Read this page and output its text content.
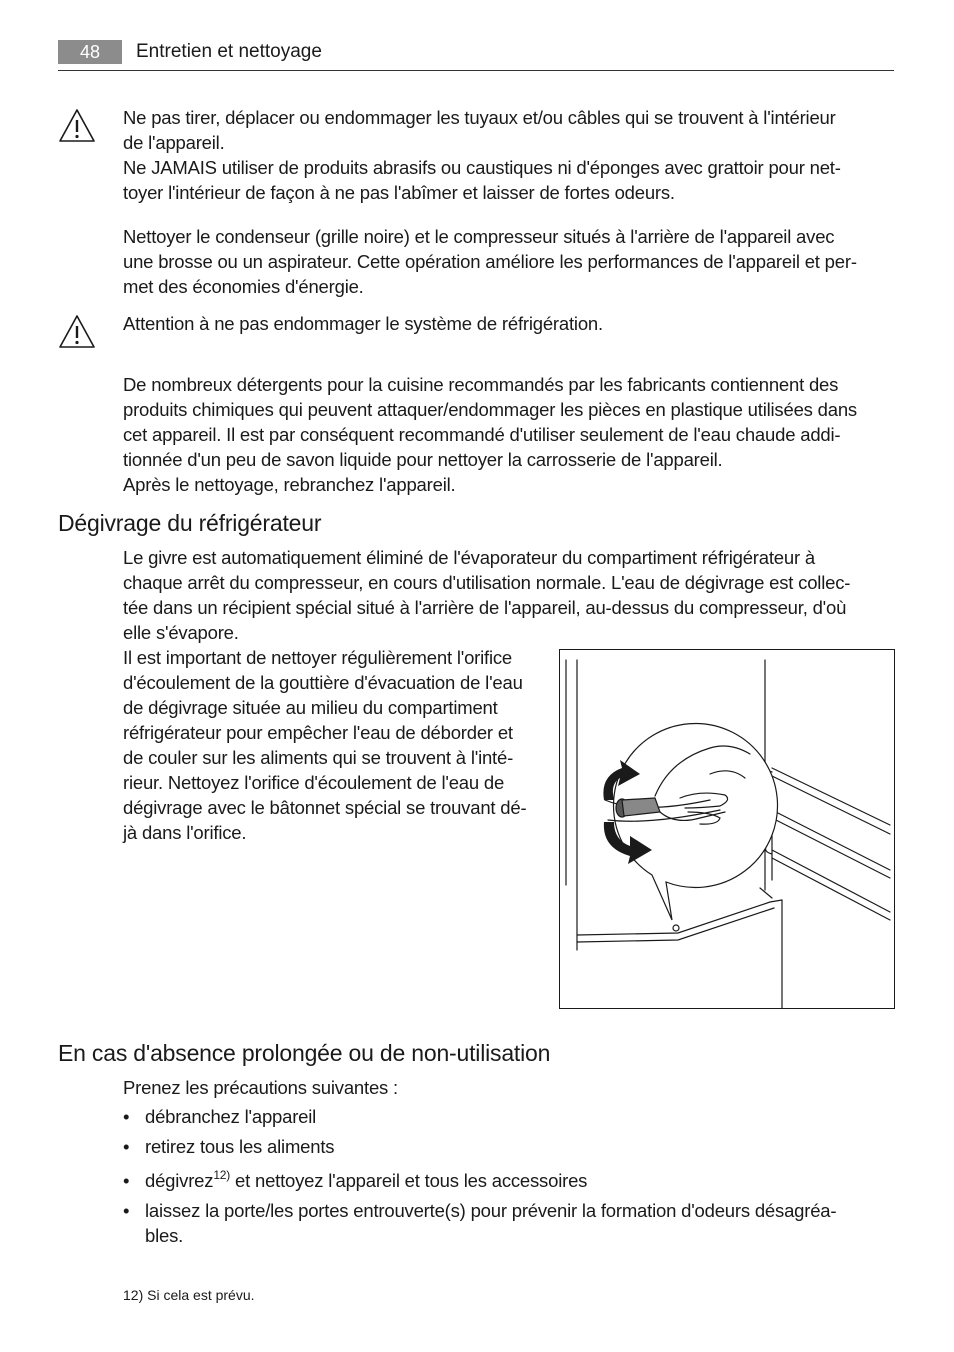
48	Entretien et nettoyage
Ne pas tirer, déplacer ou endommager les tuyaux et/ou câbles qui se trouvent à l'intérieur
de l'appareil.
Ne JAMAIS utiliser de produits abrasifs ou caustiques ni d'éponges avec grattoir pour net-
toyer l'intérieur de façon à ne pas l'abîmer et laisser de fortes odeurs.
Nettoyer le condenseur (grille noire) et le compresseur situés à l'arrière de l'appareil avec
une brosse ou un aspirateur. Cette opération améliore les performances de l'appareil et per-
met des économies d'énergie.
Attention à ne pas endommager le système de réfrigération.
De nombreux détergents pour la cuisine recommandés par les fabricants contiennent des
produits chimiques qui peuvent attaquer/endommager les pièces en plastique utilisées dans
cet appareil. Il est par conséquent recommandé d'utiliser seulement de l'eau chaude addi-
tionnée d'un peu de savon liquide pour nettoyer la carrosserie de l'appareil.
Après le nettoyage, rebranchez l'appareil.
Dégivrage du réfrigérateur
Le givre est automatiquement éliminé de l'évaporateur du compartiment réfrigérateur à
chaque arrêt du compresseur, en cours d'utilisation normale. L'eau de dégivrage est collec-
tée dans un récipient spécial situé à l'arrière de l'appareil, au-dessus du compresseur, d'où
elle s'évapore.
Il est important de nettoyer régulièrement l'orifice
d'écoulement de la gouttière d'évacuation de l'eau
de dégivrage située au milieu du compartiment
réfrigérateur pour empêcher l'eau de déborder et
de couler sur les aliments qui se trouvent à l'inté-
rieur. Nettoyez l'orifice d'écoulement de l'eau de
dégivrage avec le bâtonnet spécial se trouvant dé-
jà dans l'orifice.
En cas d'absence prolongée ou de non-utilisation
Prenez les précautions suivantes :
• débranchez l'appareil
• retirez tous les aliments
• dégivrez$^{12)}$ et nettoyez l'appareil et tous les accessoires
• laissez la porte/les portes entrouverte(s) pour prévenir la formation d'odeurs désagréa-
bles.
12) Si cela est prévu.
